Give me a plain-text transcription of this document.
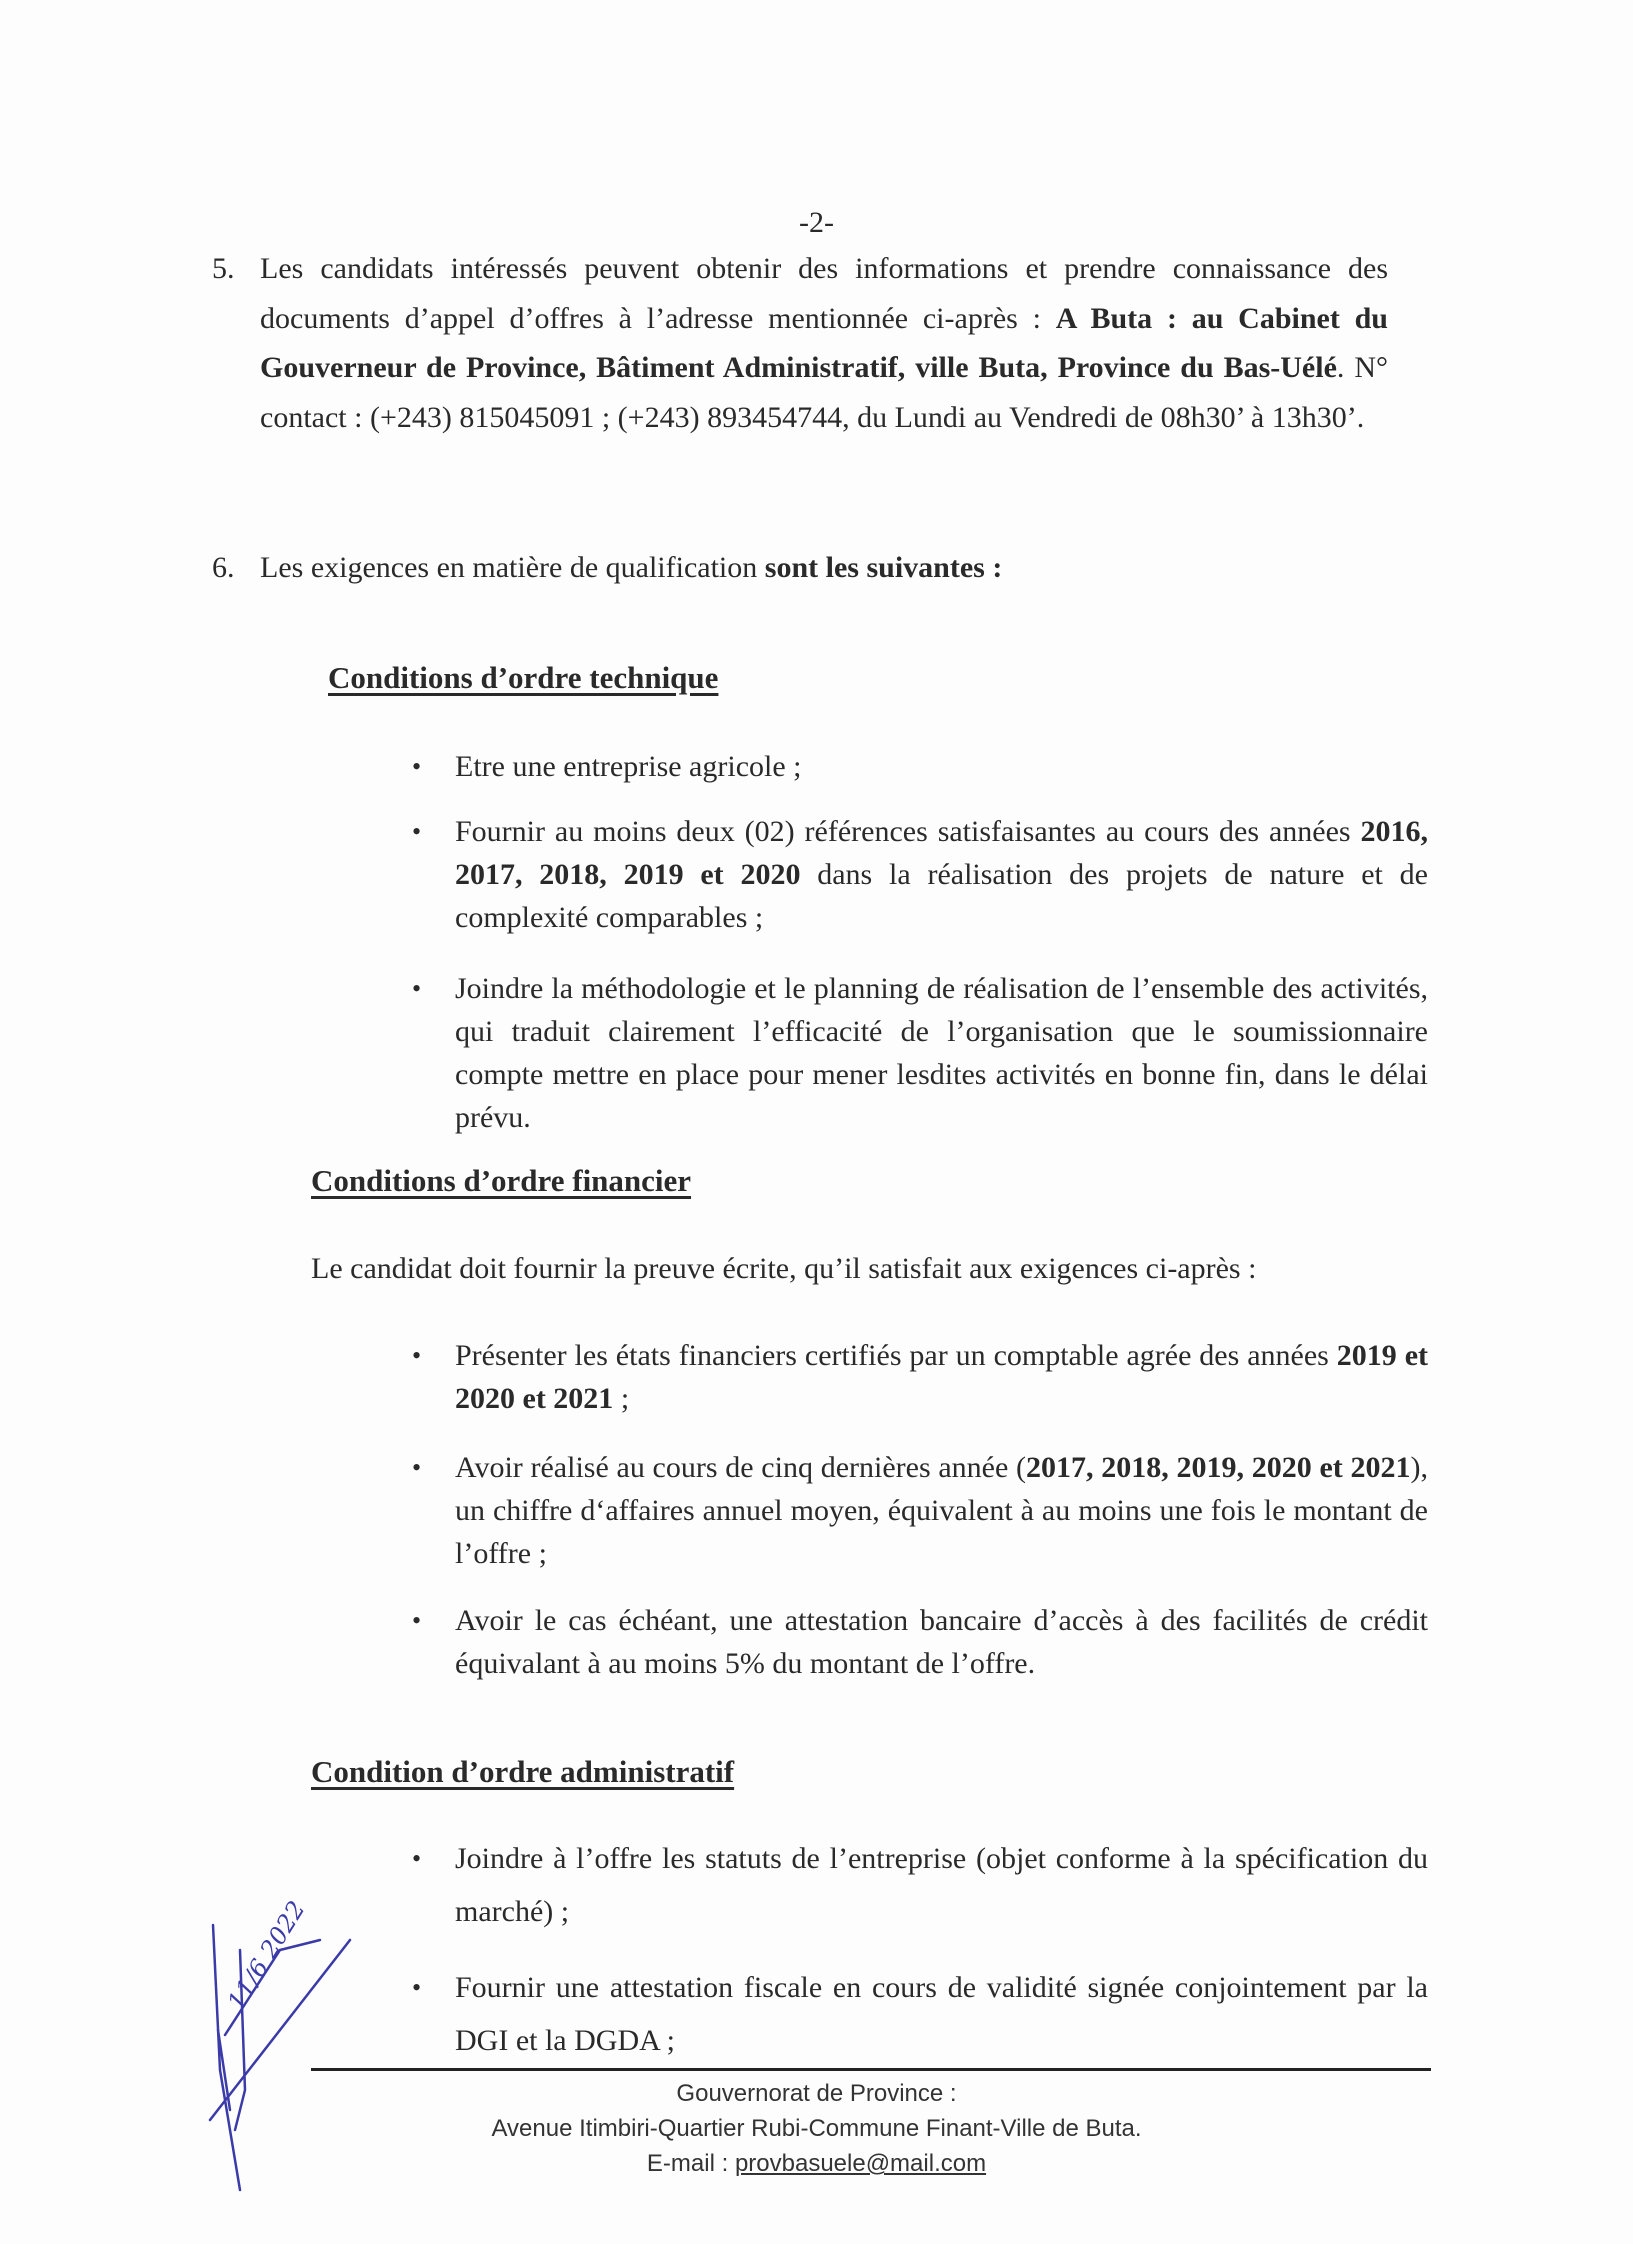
-2-
5. Les candidats intéressés peuvent obtenir des informations et prendre connaissance des documents d’appel d’offres à l’adresse mentionnée ci-après : A Buta : au Cabinet du Gouverneur de Province, Bâtiment Administratif, ville Buta, Province du Bas-Uélé. N° contact : (+243) 815045091 ; (+243) 893454744, du Lundi au Vendredi de 08h30’ à 13h30’.
6. Les exigences en matière de qualification sont les suivantes :
Conditions d’ordre technique
• Etre une entreprise agricole ;
• Fournir au moins deux (02) références satisfaisantes au cours des années 2016, 2017, 2018, 2019 et 2020 dans la réalisation des projets de nature et de complexité comparables ;
• Joindre la méthodologie et le planning de réalisation de l’ensemble des activités, qui traduit clairement l’efficacité de l’organisation que le soumissionnaire compte mettre en place pour mener lesdites activités en bonne fin, dans le délai prévu.
Conditions d’ordre financier
Le candidat doit fournir la preuve écrite, qu’il satisfait aux exigences ci-après :
• Présenter les états financiers certifiés par un comptable agrée des années 2019 et 2020 et 2021 ;
• Avoir réalisé au cours de cinq dernières année (2017, 2018, 2019, 2020 et 2021), un chiffre d‘affaires annuel moyen, équivalent à au moins une fois le montant de l’offre ;
• Avoir le cas échéant, une attestation bancaire d’accès à des facilités de crédit équivalant à au moins 5% du montant de l’offre.
Condition d’ordre administratif
• Joindre à l’offre les statuts de l’entreprise (objet conforme à la spécification du marché) ;
• Fournir une attestation fiscale en cours de validité signée conjointement par la DGI et la DGDA ;
11/6 2022
Gouvernorat de Province :
Avenue Itimbiri-Quartier Rubi-Commune Finant-Ville de Buta.
E-mail : provbasuele@mail.com
